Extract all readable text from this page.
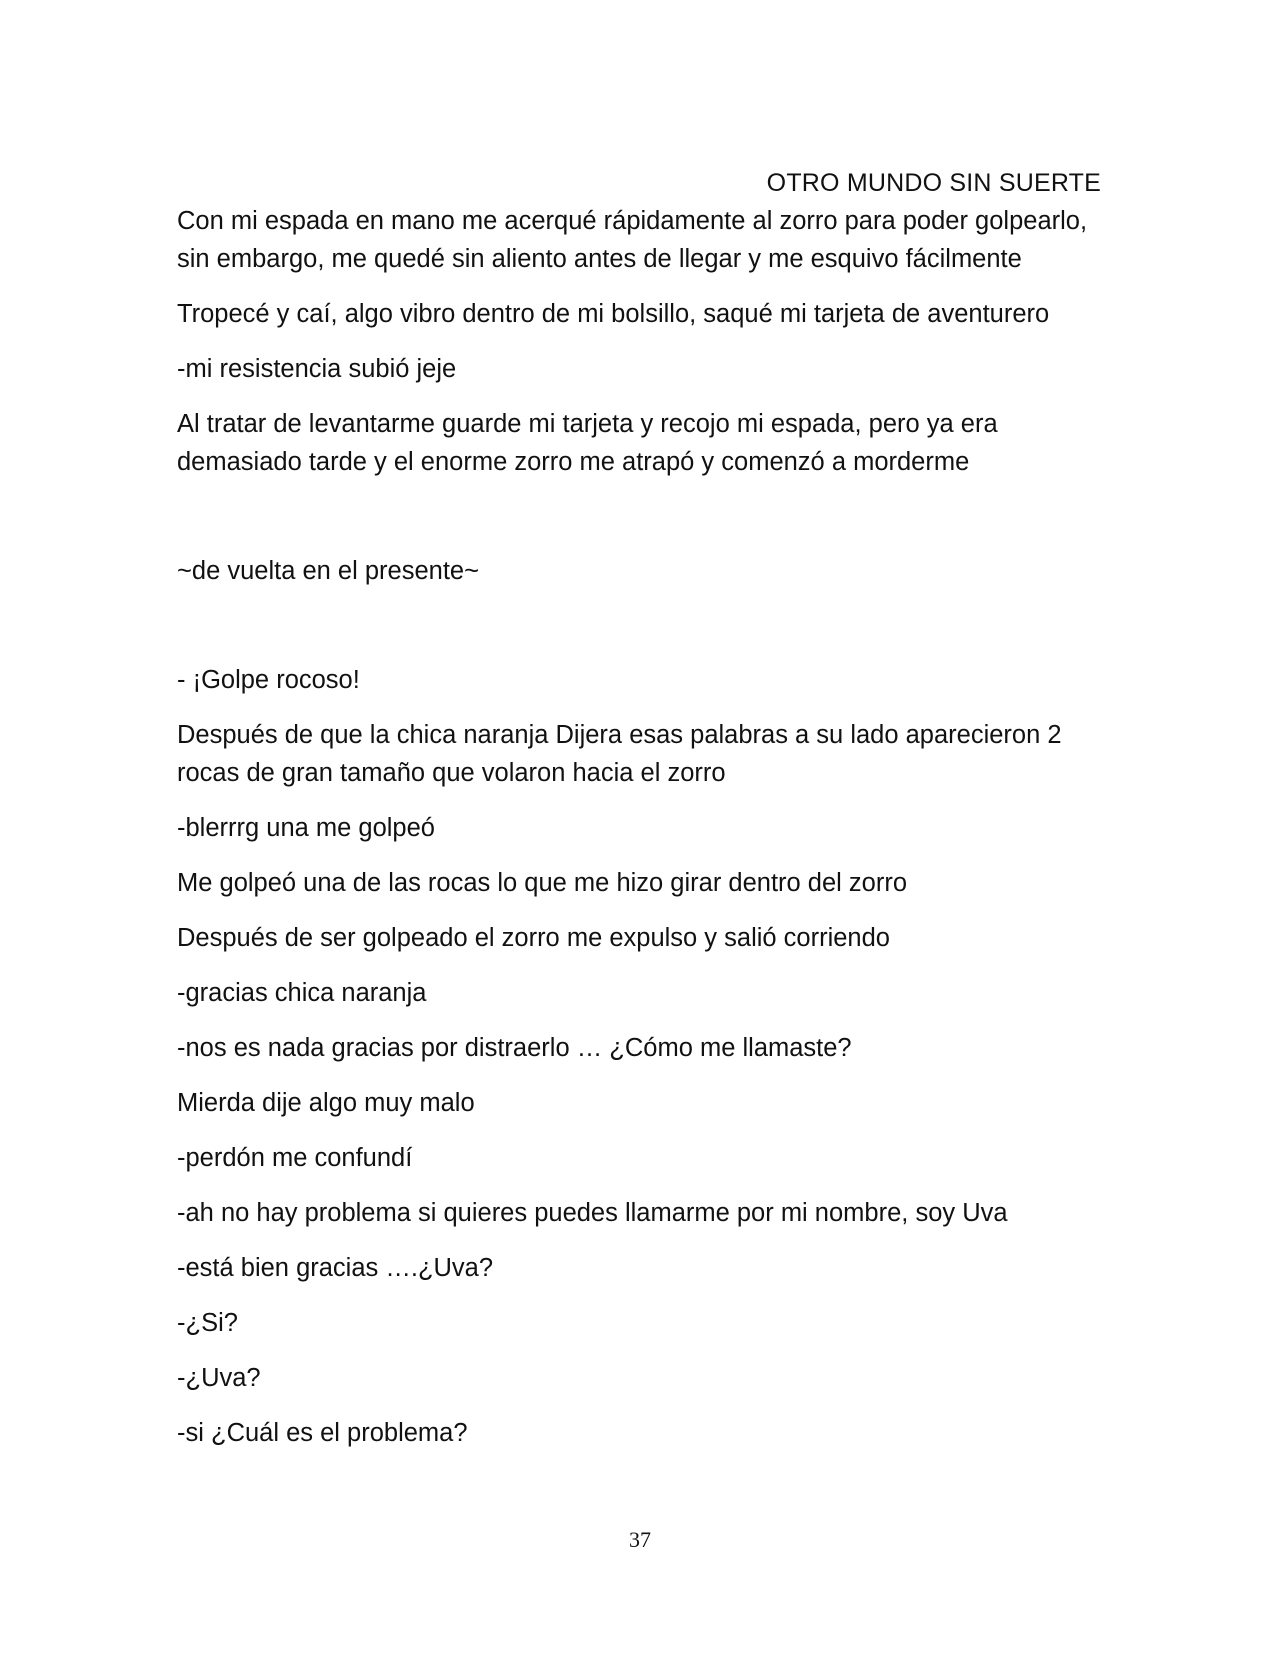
OTRO MUNDO SIN SUERTE

Con mi espada en mano me acerqué rápidamente al zorro para poder golpearlo, sin embargo, me quedé sin aliento antes de llegar y me esquivo fácilmente

Tropecé y caí, algo vibro dentro de mi bolsillo, saqué mi tarjeta de aventurero

-mi resistencia subió jeje

Al tratar de levantarme guarde mi tarjeta y recojo mi espada, pero ya era demasiado tarde y el enorme zorro me atrapó y comenzó a morderme

~de vuelta en el presente~

- ¡Golpe rocoso!

Después de que la chica naranja Dijera esas palabras a su lado aparecieron 2 rocas de gran tamaño que volaron hacia el zorro

-blerrrg una me golpeó

Me golpeó una de las rocas lo que me hizo girar dentro del zorro

Después de ser golpeado el zorro me expulso y salió corriendo

-gracias chica naranja

-nos es nada gracias por distraerlo … ¿Cómo me llamaste?

Mierda dije algo muy malo

-perdón me confundí

-ah no hay problema si quieres puedes llamarme por mi nombre, soy Uva

-está bien gracias ….¿Uva?

-¿Si?

-¿Uva?

-si ¿Cuál es el problema?

37
